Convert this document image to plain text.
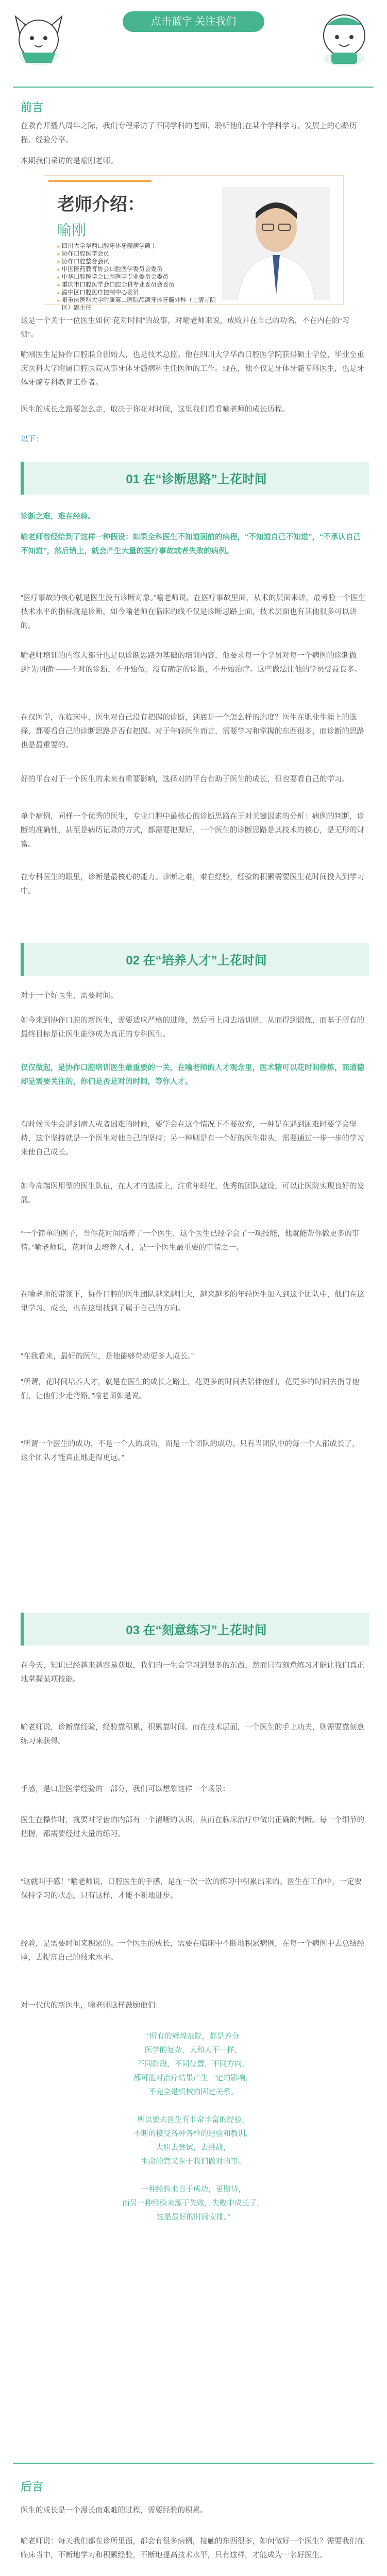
点击蓝字 关注我们
前言
在教育开播八周年之际，我们专程采访了不同学科的老师，聆听他们在某个学科学习、发展上的心路历程、经验分享。
本期我们采访的是喻刚老师。
老师介绍：
喻刚
■ 四川大学华西口腔牙体牙髓病学硕士
■ 协作口腔医学会员
■ 协作口腔整合会员
■ 中国医药教育协会口腔医学委员会委员
■ 中华口腔医学会口腔医学专业委员会委员
■ 重庆市口腔医学会口腔全科专业委员会委员
■ 渝中区口腔医疗控制中心委员
■ 泉重庆医科大学附属第二医院颅颌牙体牙髓外科（上清寺院区）副主任
这是一个关于一位医生如何“花对时间”的故事，对喻老师来说，成败并在自己的功名，不在内在的“习惯”。
喻刚医生是协作口腔联合创始人，也是技术总监。他在四川大学华西口腔医学院获得硕士学位，毕业至重庆医科大学附属口腔医院从事牙体牙髓病科主任医师的工作。现在，他不仅是牙体牙髓专科医生，也是牙体牙髓专科教育工作者。
医生的成长之路要怎么走，取决于你花对时间，这里我们看看喻老师的成长历程。
以下：
01 在“诊断思路”上花时间
诊断之难，难在经验。
喻老师曾经给到了这样一种假设：如果全科医生不知道面前的病程，“不知道自己不知道”，“不承认自己不知道”，然后错上，就会产生大量的医疗事故或者失败的病例。
“医疗事故的核心就是医生没有诊断对象。”喻老师说，在医疗事故里面，从术的层面来讲，最考验一个医生技术水平的指标就是诊断。如今喻老师在临床的线不仅是诊断思路上面，技术层面也有其他很多可以讲的。
喻老师培训的内容大部分也是以诊断思路为基础的培训内容，他要求每一个学员对每一个病例的诊断做到“先明确”——不对的诊断，不开始做；没有确定的诊断，不开始治疗。这些做法让他的学员受益良多。
在仅医学，在临床中，医生对自己没有把握的诊断，到底是一个怎么样的态度？医生在职业生涯上的选择，都要看自己的诊断思路是否有把握。对于年轻医生而言，需要学习和掌握的东西很多，而诊断的思路也是最重要的。
好的平台对于一个医生的未来有重要影响，选择对的平台有助于医生的成长，但也要看自己的学习。
单个病例，同样一个优秀的医生，专业口腔中最核心的诊断思路在于对关键因素的分析：病例的判断，诊断的准确性，甚至是病历记录的方式，都需要把握好，一个医生的诊断思路是其技术的核心，是无形的财富。
在专科医生的眼里，诊断是最核心的能力。诊断之难，难在经验，经验的积累需要医生花时间投入到学习中。
02 在“培养人才”上花时间
对于一个好医生，需要时间。
如今来到协作口腔的新医生，需要适应严格的进修，然后再上岗去培训班，从而得到锻炼，而基于所有的最终目标是让医生能够成为真正的专科医生。
仅仅做起，是协作口腔培训医生最重要的一关，在喻老师的人才观念里，医术精可以花时间修炼，而道德却是需要关注的，你们是否是对的时间，等你人才。
有时候医生会遇到病人或者困难的时候，要学会在这个情况下不要放弃，一种是在遇到困难时要学会坚持，这个坚持就是一个医生对他自己的坚持；另一种则是有一个好的医生带头，需要通过一步一步的学习来使自己成长。
如今高端医用型的医生队伍，在人才的选拔上，注重年轻化，优秀的团队建设，可以让医院实现良好的发展。
“一个简单的例子，当你花时间培养了一个医生，这个医生已经学会了一项技能，他就能帮你做更多的事情。”喻老师说，花时间去培养人才，是一个医生最重要的事情之一。
在喻老师的带领下，协作口腔的医生团队越来越壮大，越来越多的年轻医生加入到这个团队中，他们在这里学习、成长，也在这里找到了属于自己的方向。
“在我看来，最好的医生，是他能够带动更多人成长。”
“所谓，花时间培养人才，就是在医生的成长之路上，花更多的时间去陪伴他们，花更多的时间去指导他们，让他们少走弯路。”喻老师如是说。
“所谓一个医生的成功，不是一个人的成功，而是一个团队的成功。只有当团队中的每一个人都成长了，这个团队才能真正地走得更远。”
03 在“刻意练习”上花时间
在今天，知识已经越来越容易获取，我们的一生会学习到很多的东西，然而只有刻意练习才能让我们真正地掌握某项技能。
喻老师说，诊断靠经验，经验靠积累，积累靠时间。而在技术层面，一个医生的手上功夫，则需要靠刻意练习来获得。
手感，是口腔医学经验的一部分，我们可以想象这样一个场景：
医生在操作时，就要对牙齿的内部有一个清晰的认识，从而在临床治疗中做出正确的判断。每一个细节的把握，都需要经过大量的练习。
“这就叫手感！”喻老师说，口腔医生的手感，是在一次一次的练习中积累出来的。医生在工作中，一定要保持学习的状态，只有这样，才能不断地进步。
经验，是需要时间来积累的。一个医生的成长，需要在临床中不断地积累病例，在每一个病例中去总结经验，去提高自己的技术水平。
对一代代的新医生，喻老师这样鼓励他们：
“所有的辉煌杂院，都是养分
医学的复杂，人和人不一样，
不同阶段，不同位置，不同方向，
都可能对治疗结果产生一定的影响，
不完全是机械的固定关系。
所以要去医生有非常丰富的经验，
不断的接受各种各样的经验和教训，
大胆去尝试，去挑战，
生命的意义在于我们做对的事。
一种经验来自于成功，更期待，
而另一种经验来源于失败，失败中成长了，
这是最好的时间安排。”
后言
医生的成长是一个漫长而艰难的过程，需要经验的积累。
喻老师说：每天我们都在诊所里面，都会有很多病例，接触的东西很多，如何做好一个医生？需要我们在临床当中，不断地学习和积累经验，不断地提高技术水平，只有这样，才能成为一名好医生。
